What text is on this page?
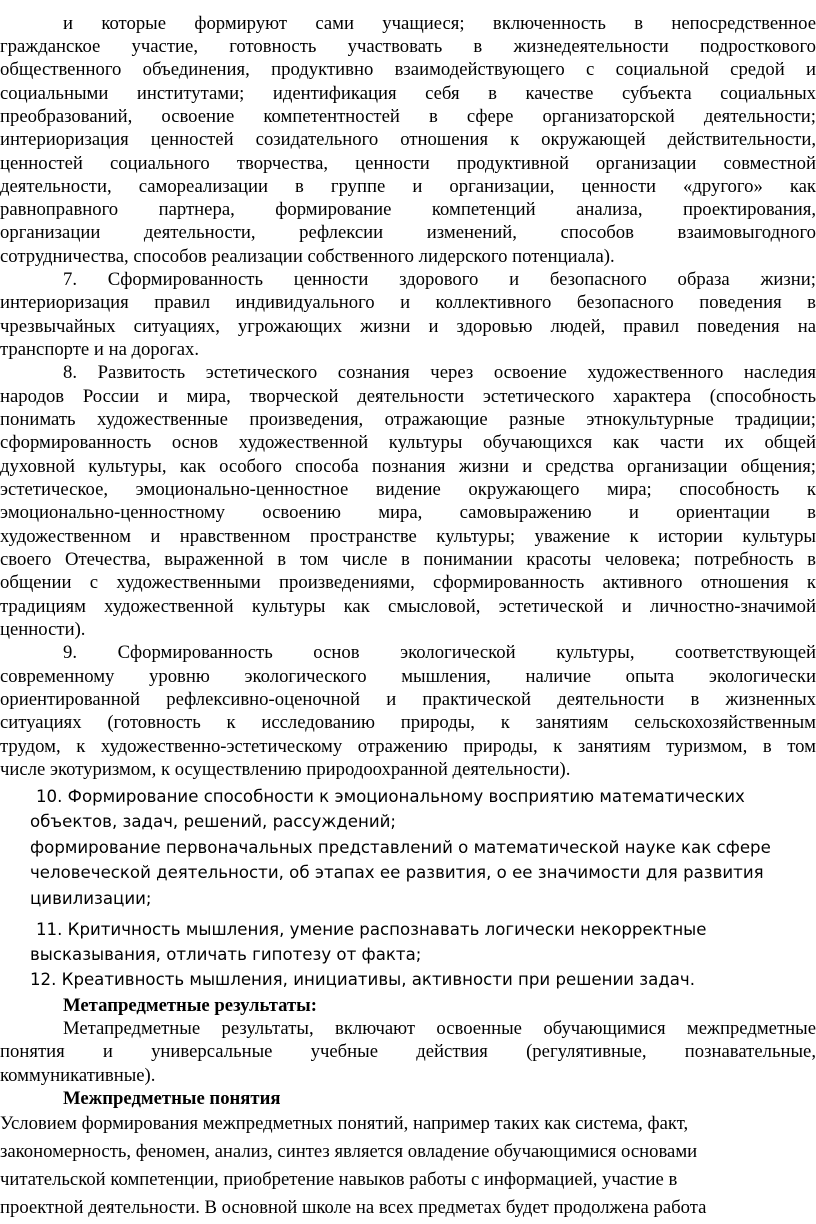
и которые формируют сами учащиеся; включенность в непосредственное
гражданское участие, готовность участвовать в жизнедеятельности подросткового
общественного объединения, продуктивно взаимодействующего с социальной средой и
социальными институтами; идентификация себя в качестве субъекта социальных
преобразований, освоение компетентностей в сфере организаторской деятельности;
интериоризация ценностей созидательного отношения к окружающей действительности,
ценностей социального творчества, ценности продуктивной организации совместной
деятельности, самореализации в группе и организации, ценности «другого» как
равноправного партнера, формирование компетенций анализа, проектирования,
организации деятельности, рефлексии изменений, способов взаимовыгодного
сотрудничества, способов реализации собственного лидерского потенциала).
7. Сформированность ценности здорового и безопасного образа жизни;
интериоризация правил индивидуального и коллективного безопасного поведения в
чрезвычайных ситуациях, угрожающих жизни и здоровью людей, правил поведения на
транспорте и на дорогах.
8. Развитость эстетического сознания через освоение художественного наследия
народов России и мира, творческой деятельности эстетического характера (способность
понимать художественные произведения, отражающие разные этнокультурные традиции;
сформированность основ художественной культуры обучающихся как части их общей
духовной культуры, как особого способа познания жизни и средства организации общения;
эстетическое, эмоционально-ценностное видение окружающего мира; способность к
эмоционально-ценностному освоению мира, самовыражению и ориентации в
художественном и нравственном пространстве культуры; уважение к истории культуры
своего Отечества, выраженной в том числе в понимании красоты человека; потребность в
общении с художественными произведениями, сформированность активного отношения к
традициям художественной культуры как смысловой, эстетической и личностно-значимой
ценности).
9. Сформированность основ экологической культуры, соответствующей
современному уровню экологического мышления, наличие опыта экологически
ориентированной рефлексивно-оценочной и практической деятельности в жизненных
ситуациях (готовность к исследованию природы, к занятиям сельскохозяйственным
трудом, к художественно-эстетическому отражению природы, к занятиям туризмом, в том
числе экотуризмом, к осуществлению природоохранной деятельности).
10. Формирование способности к эмоциональному восприятию математических
объектов, задач, решений, рассуждений;
формирование первоначальных представлений о математической науке как сфере
человеческой деятельности, об этапах ее развития, о ее значимости для развития
цивилизации;
11. Критичность мышления, умение распознавать логически некорректные
высказывания, отличать гипотезу от факта;
12. Креативность мышления, инициативы, активности при решении задач.
Метапредметные результаты:
Метапредметные результаты, включают освоенные обучающимися межпредметные
понятия и универсальные учебные действия (регулятивные, познавательные,
коммуникативные).
Межпредметные понятия
Условием формирования межпредметных понятий, например таких как система, факт,
закономерность, феномен, анализ, синтез является овладение обучающимися основами
читательской компетенции, приобретение навыков работы с информацией, участие в
проектной деятельности. В основной школе на всех предметах будет продолжена работа
